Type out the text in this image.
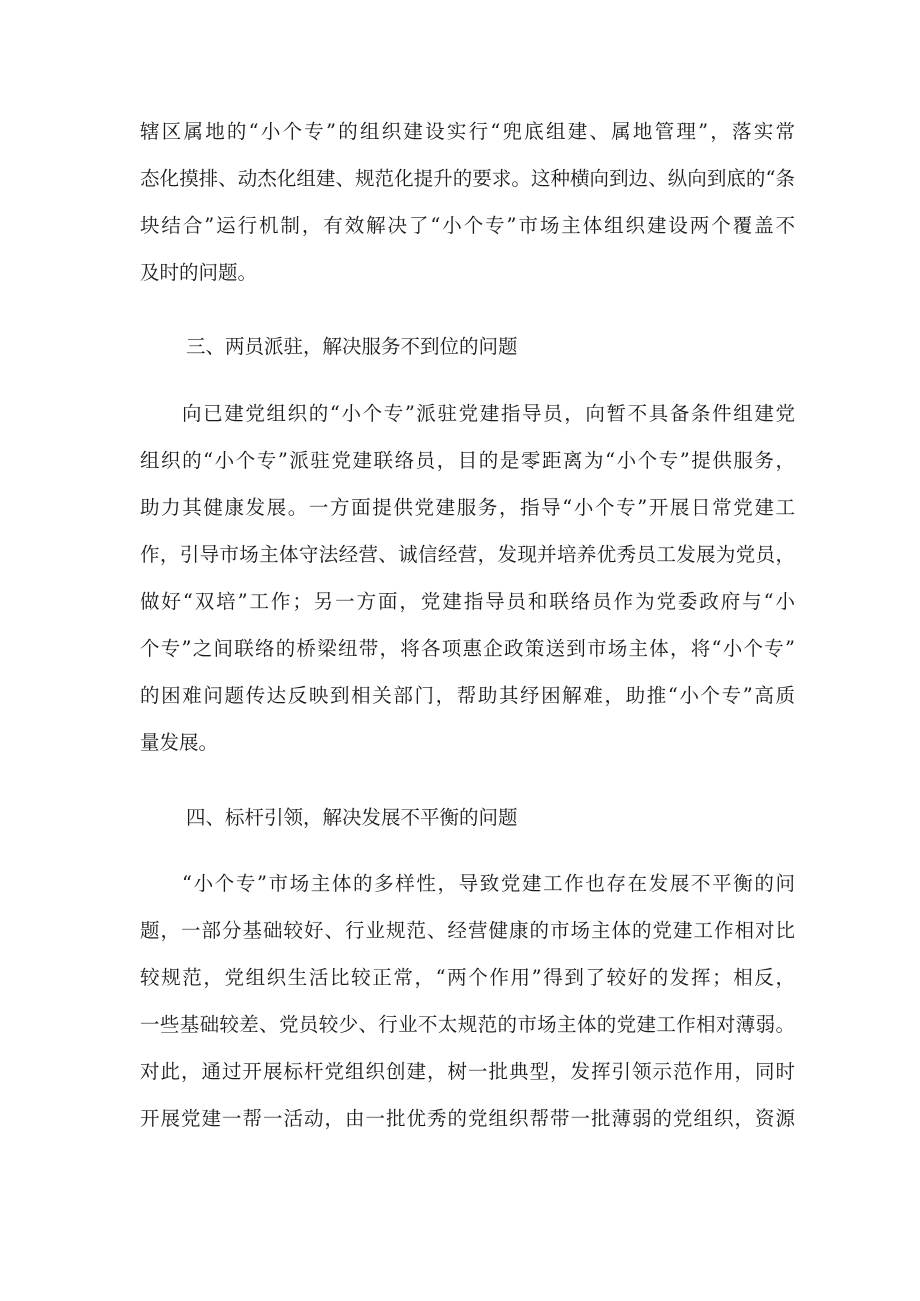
辖区属地的“小个专”的组织建设实行“兜底组建、属地管理”，落实常
态化摸排、动杰化组建、规范化提升的要求。这种横向到边、纵向到底的“条
块结合”运行机制，有效解决了“小个专”市场主体组织建设两个覆盖不
及时的问题。
三、两员派驻，解决服务不到位的问题
向已建党组织的“小个专”派驻党建指导员，向暂不具备条件组建党
组织的“小个专”派驻党建联络员，目的是零距离为“小个专”提供服务，
助力其健康发展。一方面提供党建服务，指导“小个专”开展日常党建工
作，引导市场主体守法经营、诚信经营，发现并培养优秀员工发展为党员，
做好“双培”工作；另一方面，党建指导员和联络员作为党委政府与“小
个专”之间联络的桥梁纽带，将各项惠企政策送到市场主体，将“小个专”
的困难问题传达反映到相关部门，帮助其纾困解难，助推“小个专”高质
量发展。
四、标杆引领，解决发展不平衡的问题
“小个专”市场主体的多样性，导致党建工作也存在发展不平衡的问
题，一部分基础较好、行业规范、经营健康的市场主体的党建工作相对比
较规范，党组织生活比较正常，“两个作用”得到了较好的发挥；相反，
一些基础较差、党员较少、行业不太规范的市场主体的党建工作相对薄弱。
对此，通过开展标杆党组织创建，树一批典型，发挥引领示范作用，同时
开展党建一帮一活动，由一批优秀的党组织帮带一批薄弱的党组织，资源
